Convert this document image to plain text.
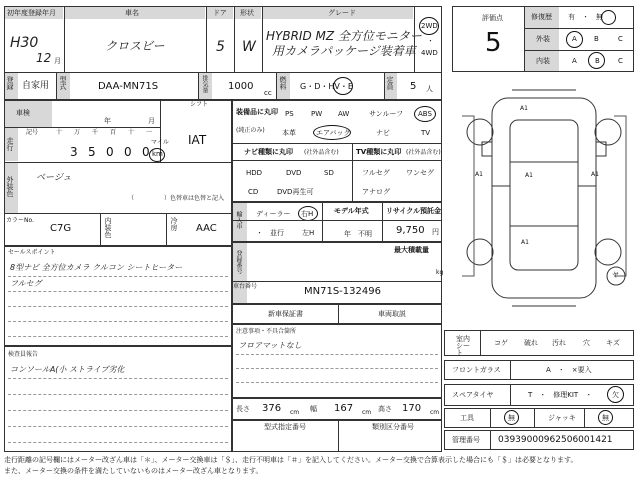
初年度登録年月
H30
12 月
車名
クロスビー
ドア
5
形状
W
グレード
HYBRID MZ 全方位モニター
用カメラパッケージ装着車
2WD
・
4WD
登録 自家用 型式	DAA-MN71S	排気量 1000
cc
燃料 G・D・HV・E	定員 5 人
車検
年	月
シフト
IAT
走行
記号	十 万 千 百 十 一
3 5 0 0 0
マイル
km
外装色 ベージュ
（　　　　　）色替車は色替と記入
カラーNo.
C7G	内装色	冷房 AAC
セールスポイント
8型ナビ 全方位カメラ クルコン シートヒーター
フルセグ
検査員報告
コンソールA(小 ストライプ劣化
装備品に丸印
(純正のみ)
PS PW AW	サンルーフ ABS
本革	エアバック	ナビ	TV
ナビ種類に丸印 (社外品含む) TV種類に丸印 (社外品含む)
HDD	DVD	SD
CD	DVD再生可
フルセグ ワンセグ
アナログ
輸入車 ディーラー
・　並行
右H
左H
モデル年式
年　不明
リサイクル預託金
9,750 円
登録番号	最大積載量
kg
車台番号	MN71S-132496
新車保証書	車両取説
注意事項・不具合箇所
フロアマットなし
長さ 376 cm 幅 167 cm 高さ 170 cm
型式指定番号	類別区分番号
評価点
5
修復歴 有　・　無
外装	A B	C
内装	A	B	C
A1
A1	A1	A1
A1
ヤ
室内シート
コゲ 破れ 汚れ 穴 キズ
フロントガラス	A　・　×要入
スペアタイヤ	T　・　修理KIT　・	欠
工具	無	ジャッキ	無
管理番号 0393900096250600​1421
走行距離の記号欄にはメーター改ざん車は「＊」、メーター交換車は「＄」、走行不明車は「＃」を記入してください。メーター交換で合算表示した場合にも「＄」は必要となります。
また、メーター交換の条件を満たしていないものはメーター改ざん車となります。
